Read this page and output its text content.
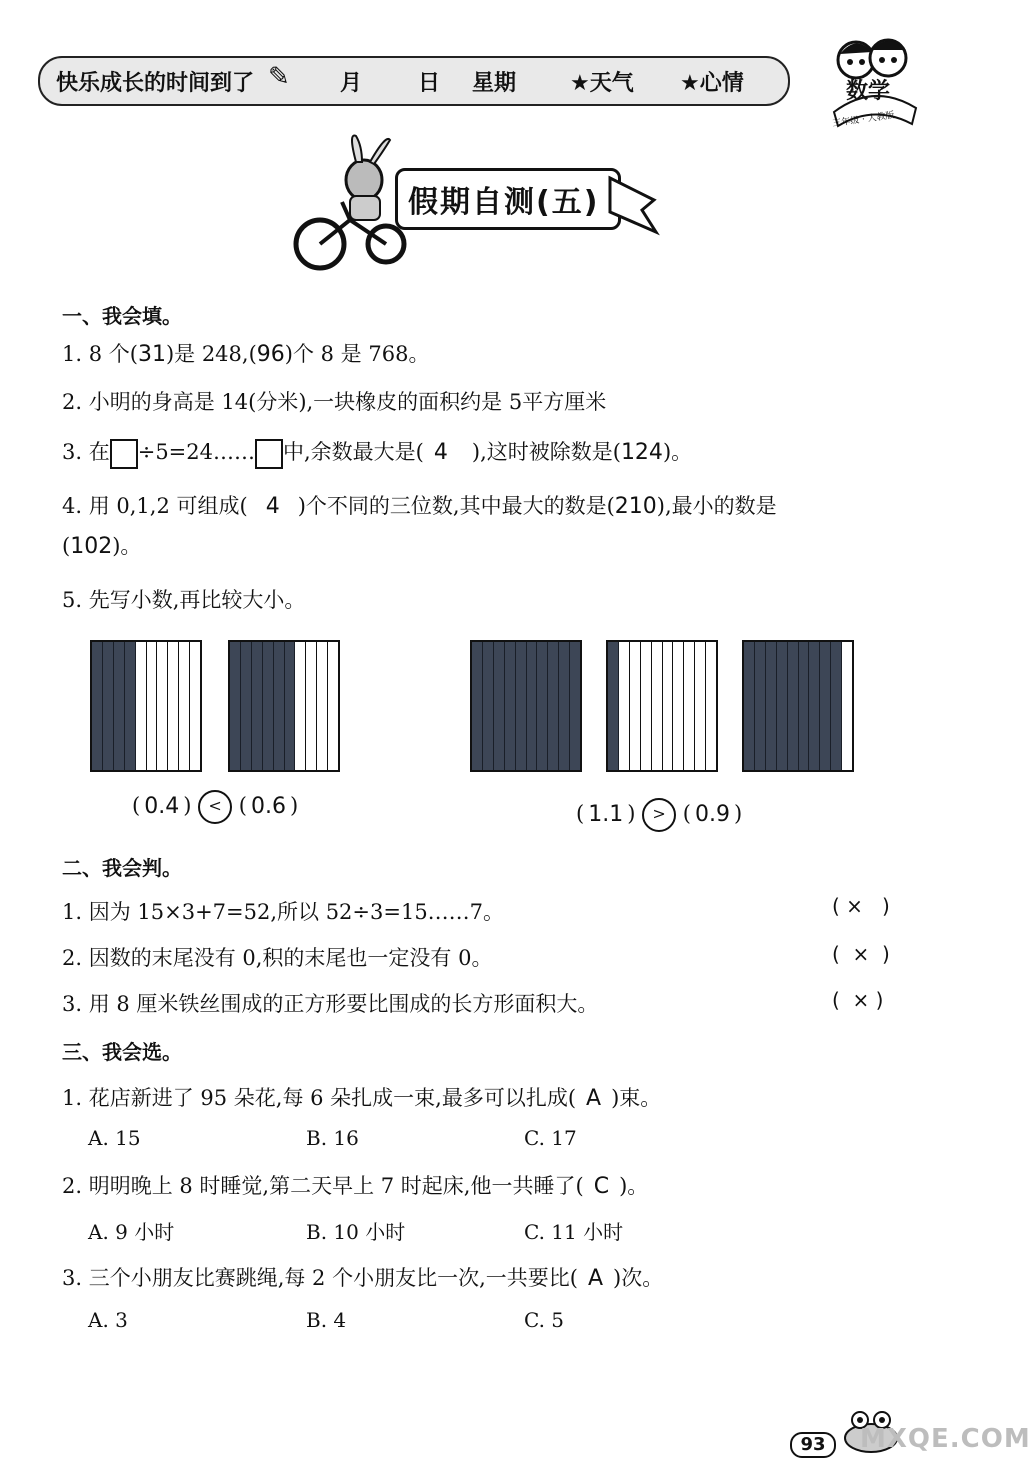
快乐成长的时间到了 ✎ 月	日 星期 ★天气 ★心情	数学
三年级 · 人教版
假期自测(五)
一、我会填。
1. 8 个(31)是 248,(96)个 8 是 768。
2. 小明的身高是 14(分米),一块橡皮的面积约是 5平方厘米
3. 在 ÷5=24…… 中,余数最大是( 4 ),这时被除数是(124)。
4. 用 0,1,2 可组成( 4 )个不同的三位数,其中最大的数是(210),最小的数是
(102)。
5. 先写小数,再比较大小。
( 0.4 ) < ( 0.6 )	( 1.1 ) > ( 0.9 )
二、我会判。
1. 因为 15×3+7=52,所以 52÷3=15……7。	( ×   )
2. 因数的末尾没有 0,积的末尾也一定没有 0。	(  ×  )
3. 用 8 厘米铁丝围成的正方形要比围成的长方形面积大。	(  × )
三、我会选。
1. 花店新进了 95 朵花,每 6 朵扎成一束,最多可以扎成( A )束。
A. 15	B. 16	C. 17
2. 明明晚上 8 时睡觉,第二天早上 7 时起床,他一共睡了( C )。
A. 9 小时	B. 10 小时	C. 11 小时
3. 三个小朋友比赛跳绳,每 2 个小朋友比一次,一共要比( A )次。
A. 3	B. 4	C. 5
93	MXQE.COM
